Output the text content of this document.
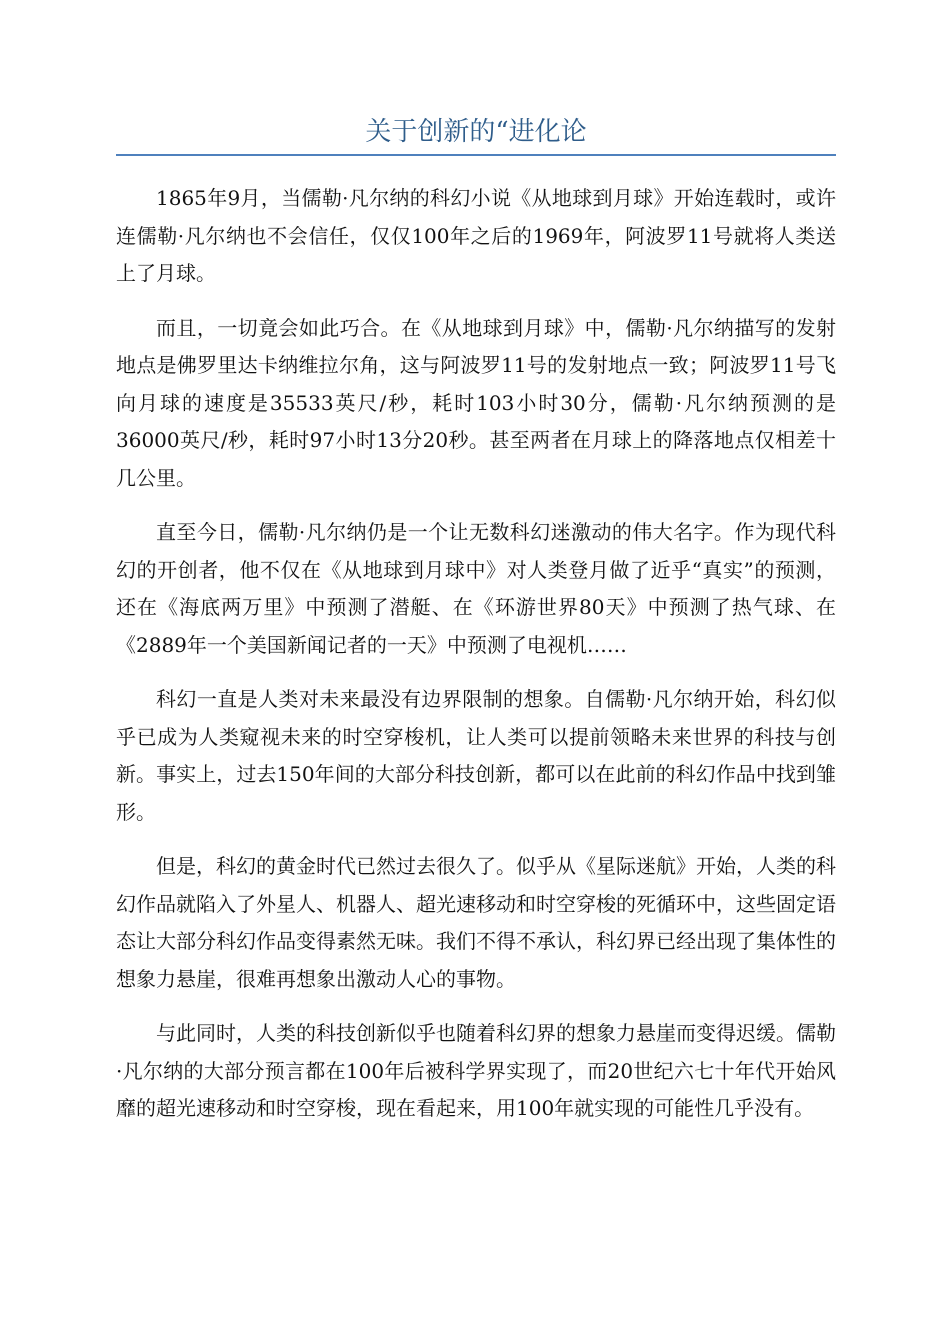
关于创新的“进化论

1865年9月，当儒勒·凡尔纳的科幻小说《从地球到月球》开始连载时，或许连儒勒·凡尔纳也不会信任，仅仅100年之后的1969年，阿波罗11号就将人类送上了月球。

而且，一切竟会如此巧合。在《从地球到月球》中，儒勒·凡尔纳描写的发射地点是佛罗里达卡纳维拉尔角，这与阿波罗11号的发射地点一致；阿波罗11号飞向月球的速度是35533英尺/秒，耗时103小时30分，儒勒·凡尔纳预测的是36000英尺/秒，耗时97小时13分20秒。甚至两者在月球上的降落地点仅相差十几公里。

直至今日，儒勒·凡尔纳仍是一个让无数科幻迷激动的伟大名字。作为现代科幻的开创者，他不仅在《从地球到月球中》对人类登月做了近乎“真实”的预测，还在《海底两万里》中预测了潜艇、在《环游世界80天》中预测了热气球、在《2889年一个美国新闻记者的一天》中预测了电视机……

科幻一直是人类对未来最没有边界限制的想象。自儒勒·凡尔纳开始，科幻似乎已成为人类窥视未来的时空穿梭机，让人类可以提前领略未来世界的科技与创新。事实上，过去150年间的大部分科技创新，都可以在此前的科幻作品中找到雏形。

但是，科幻的黄金时代已然过去很久了。似乎从《星际迷航》开始，人类的科幻作品就陷入了外星人、机器人、超光速移动和时空穿梭的死循环中，这些固定语态让大部分科幻作品变得素然无味。我们不得不承认，科幻界已经出现了集体性的想象力悬崖，很难再想象出激动人心的事物。

与此同时，人类的科技创新似乎也随着科幻界的想象力悬崖而变得迟缓。儒勒·凡尔纳的大部分预言都在100年后被科学界实现了，而20世纪六七十年代开始风靡的超光速移动和时空穿梭，现在看起来，用100年就实现的可能性几乎没有。
